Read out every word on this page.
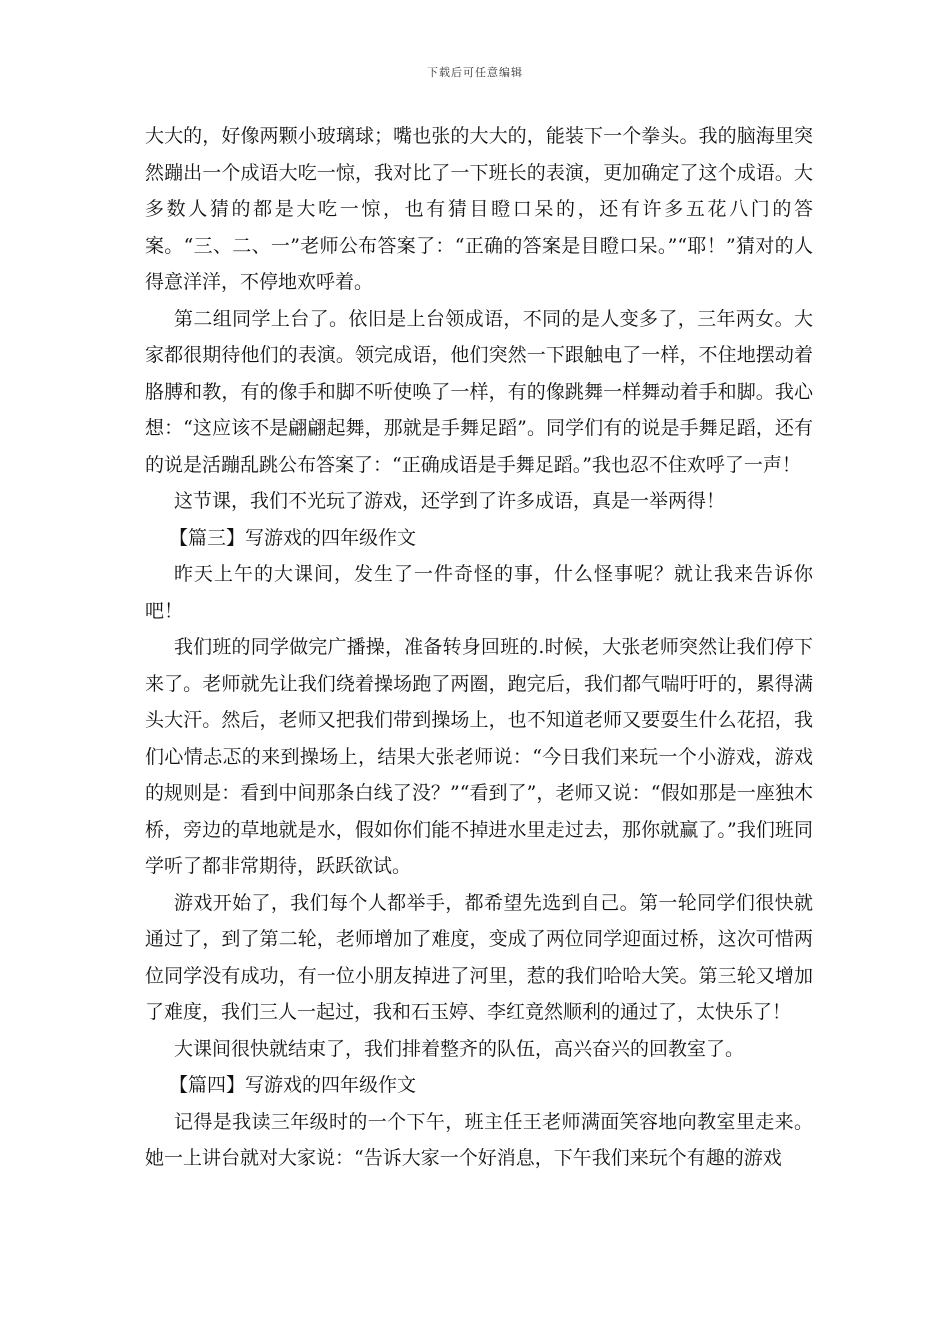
下载后可任意编辑

大大的，好像两颗小玻璃球；嘴也张的大大的，能装下一个拳头。我的脑海里突然蹦出一个成语大吃一惊，我对比了一下班长的表演，更加确定了这个成语。大多数人猜的都是大吃一惊，也有猜目瞪口呆的，还有许多五花八门的答案。“三、二、一”老师公布答案了：“正确的答案是目瞪口呆。”“耶！”猜对的人得意洋洋，不停地欢呼着。

第二组同学上台了。依旧是上台领成语，不同的是人变多了，三年两女。大家都很期待他们的表演。领完成语，他们突然一下跟触电了一样，不住地摆动着胳膊和教，有的像手和脚不听使唤了一样，有的像跳舞一样舞动着手和脚。我心想：“这应该不是翩翩起舞，那就是手舞足蹈”。同学们有的说是手舞足蹈，还有的说是活蹦乱跳公布答案了：“正确成语是手舞足蹈。”我也忍不住欢呼了一声！

这节课，我们不光玩了游戏，还学到了许多成语，真是一举两得！

【篇三】写游戏的四年级作文

昨天上午的大课间，发生了一件奇怪的事，什么怪事呢？就让我来告诉你吧！

我们班的同学做完广播操，准备转身回班的.时候，大张老师突然让我们停下来了。老师就先让我们绕着操场跑了两圈，跑完后，我们都气喘吁吁的，累得满头大汗。然后，老师又把我们带到操场上，也不知道老师又要耍生什么花招，我们心情忐忑的来到操场上，结果大张老师说：“今日我们来玩一个小游戏，游戏的规则是：看到中间那条白线了没？”“看到了”，老师又说：“假如那是一座独木桥，旁边的草地就是水，假如你们能不掉进水里走过去，那你就赢了。”我们班同学听了都非常期待，跃跃欲试。

游戏开始了，我们每个人都举手，都希望先选到自己。第一轮同学们很快就通过了，到了第二轮，老师增加了难度，变成了两位同学迎面过桥，这次可惜两位同学没有成功，有一位小朋友掉进了河里，惹的我们哈哈大笑。第三轮又增加了难度，我们三人一起过，我和石玉婷、李红竟然顺利的通过了，太快乐了！

大课间很快就结束了，我们排着整齐的队伍，高兴奋兴的回教室了。

【篇四】写游戏的四年级作文

记得是我读三年级时的一个下午，班主任王老师满面笑容地向教室里走来。她一上讲台就对大家说：“告诉大家一个好消息，下午我们来玩个有趣的游戏
